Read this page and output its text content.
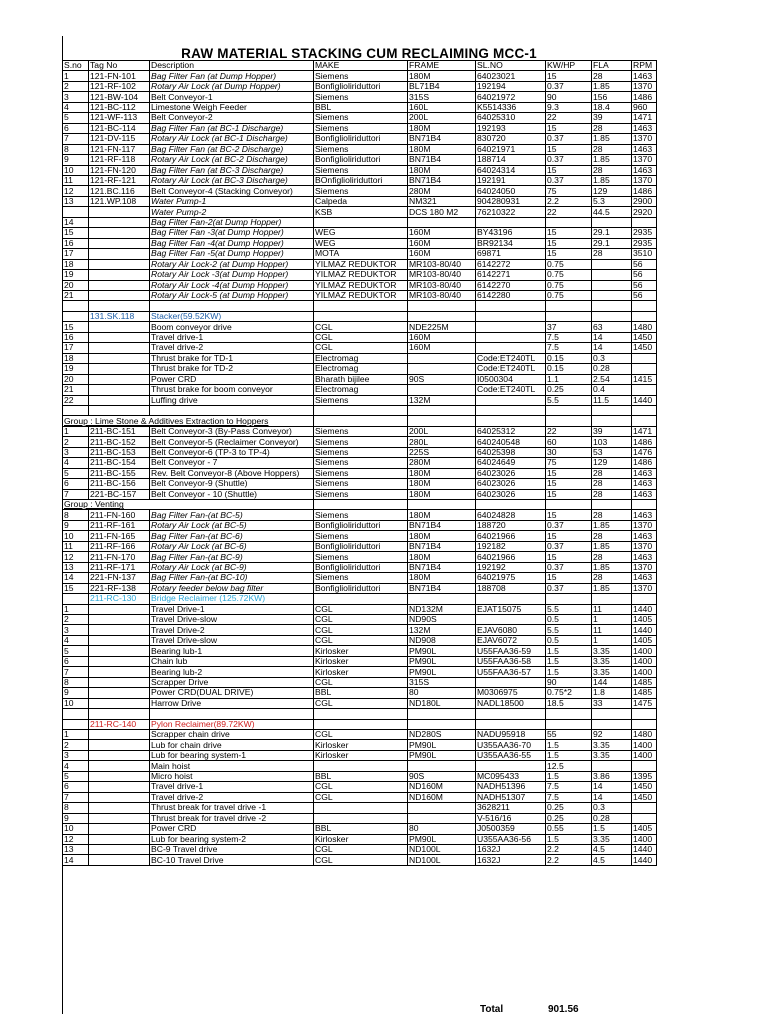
RAW MATERIAL STACKING CUM RECLAIMING MCC-1
S.no	Tag No	Description	MAKE	FRAME	SL.NO	KW/HP	FLA	RPM
1	121-FN-101	Bag Filter Fan (at Dump Hopper)	Siemens	180M	64023021	15	28	1463
2	121-RF-102	Rotary Air Lock (at Dump Hopper)	Bonfiglioliriduttori	BL71B4	192194	0.37	1.85	1370
3	121-BW-104	Belt Conveyor-1	Siemens	315S	64021972	90	156	1486
4	121-BC-112	Limestone Weigh Feeder	BBL	160L	K5514336	9.3	18.4	960
5	121-WF-113	Belt Conveyor-2	Siemens	200L	64025310	22	39	1471
6	121-BC-114	Bag Filter Fan (at BC-1 Discharge)	Siemens	180M	192193	15	28	1463
7	121-DV-115	Rotary Air Lock (at BC-1 Discharge)	Bonfiglioliriduttori	BN71B4	830720	0.37	1.85	1370
8	121-FN-117	Bag Filter Fan (at BC-2 Discharge)	Siemens	180M	64021971	15	28	1463
9	121-RF-118	Rotary Air Lock (at BC-2 Discharge)	Bonfiglioliriduttori	BN71B4	188714	0.37	1.85	1370
10	121-FN-120	Bag Filter Fan (at BC-3 Discharge)	Siemens	180M	64024314	15	28	1463
11	121-RF-121	Rotary Air Lock (at BC-3 Discharge)	BOnfiglioliriduttori	BN71B4	192191	0.37	1.85	1370
12	121.BC.116	Belt Conveyor-4 (Stacking Conveyor)	Siemens	280M	64024050	75	129	1486
13	121.WP.108	Water Pump-1	Calpeda	NM321	904280931	2.2	5.3	2900
		Water Pump-2	KSB	DCS 180 M2	76210322	22	44.5	2920
14		Bag Filter Fan-2(at Dump Hopper)						
15		Bag Filter Fan -3(at Dump Hopper)	WEG	160M	BY43196	15	29.1	2935
16		Bag Filter Fan -4(at Dump Hopper)	WEG	160M	BR92134	15	29.1	2935
17		Bag Filter Fan -5(at Dump Hopper)	MOTA	160M	69871	15	28	3510
18		Rotary Air Lock-2 (at Dump Hopper)	YILMAZ REDUKTOR	MR103-80/40	6142272	0.75		56
19		Rotary Air Lock -3(at Dump Hopper)	YILMAZ REDUKTOR	MR103-80/40	6142271	0.75		56
20		Rotary Air Lock -4(at Dump Hopper)	YILMAZ REDUKTOR	MR103-80/40	6142270	0.75		56
21		Rotary Air Lock-5 (at Dump Hopper)	YILMAZ REDUKTOR	MR103-80/40	6142280	0.75		56

	131.SK.118	Stacker(59.52KW)						
15		Boom conveyor drive	CGL	NDE225M		37	63	1480
16		Travel drive-1	CGL	160M		7.5	14	1450
17		Travel drive-2	CGL	160M		7.5	14	1450
18		Thrust brake for TD-1	Electromag		Code:ET240TL	0.15	0.3	
19		Thrust brake for TD-2	Electromag		Code:ET240TL	0.15	0.28	
20		Power CRD	Bharath bijilee	90S	I0500304	1.1	2.54	1415
21		Thrust brake for boom conveyor	Electromag		Code:ET240TL	0.25	0.4	
22		Luffing drive	Siemens	132M		5.5	11.5	1440

Group : Lime Stone & Additives Extraction to Hoppers								
1	211-BC-151	Belt Conveyor-3 (By-Pass Conveyor)	Siemens	200L	64025312	22	39	1471
2	211-BC-152	Belt Conveyor-5 (Reclaimer Conveyor)	Siemens	280L	640240548	60	103	1486
3	211-BC-153	Belt Conveyor-6 (TP-3 to TP-4)	Siemens	225S	64025398	30	53	1476
4	211-BC-154	Belt Conveyor - 7	Siemens	280M	64024649	75	129	1486
5	211-BC-155	Rev. Belt Conveyor-8 (Above Hoppers)	Siemens	180M	64023026	15	28	1463
6	211-BC-156	Belt Conveyor-9 (Shuttle)	Siemens	180M	64023026	15	28	1463
7	221-BC-157	Belt Conveyor - 10 (Shuttle)	Siemens	180M	64023026	15	28	1463
Group : Venting								
8	211-FN-160	Bag Filter Fan-(at BC-5)	Siemens	180M	64024828	15	28	1463
9	211-RF-161	Rotary Air Lock (at BC-5)	Bonfiglioliriduttori	BN71B4	188720	0.37	1.85	1370
10	211-FN-165	Bag Filter Fan-(at BC-6)	Siemens	180M	64021966	15	28	1463
11	211-RF-166	Rotary Air Lock (at BC-6)	Bonfiglioliriduttori	BN71B4	192182	0.37	1.85	1370
12	211-FN-170	Bag Filter Fan-(at BC-9)	Siemens	180M	64021966	15	28	1463
13	211-RF-171	Rotary Air Lock (at BC-9)	Bonfiglioliriduttori	BN71B4	192192	0.37	1.85	1370
14	221-FN-137	Bag Filter Fan-(at BC-10)	Siemens	180M	64021975	15	28	1463
15	221-RF-138	Rotary feeder below bag filter	Bonfiglioliriduttori	BN71B4	188708	0.37	1.85	1370
	211-RC-130	Bridge Reclaimer (125.72KW)						
1		Travel Drive-1	CGL	ND132M	EJAT15075	5.5	11	1440
2		Travel Drive-slow	CGL	ND90S		0.5	1	1405
3		Travel Drive-2	CGL	132M	EJAV6080	5.5	11	1440
4		Travel Drive-slow	CGL	ND908	EJAV6072	0.5	1	1405
5		Bearing lub-1	Kirlosker	PM90L	U55FAA36-59	1.5	3.35	1400
6		Chain lub	Kirlosker	PM90L	U55FAA36-58	1.5	3.35	1400
7		Bearing lub-2	Kirlosker	PM90L	U55FAA36-57	1.5	3.35	1400
8		Scrapper Drive	CGL	315S		90	144	1485
9		Power CRD(DUAL DRIVE)	BBL	80	M0306975	0.75*2	1.8	1485
10		Harrow Drive	CGL	ND180L	NADL18500	18.5	33	1475

	211-RC-140	Pylon Reclaimer(89.72KW)						
1		Scrapper chain drive	CGL	ND280S	NADU95918	55	92	1480
2		Lub for chain drive	Kirlosker	PM90L	U355AA36-70	1.5	3.35	1400
3		Lub for bearing system-1	Kirlosker	PM90L	U355AA36-55	1.5	3.35	1400
4		Main hoist				12.5		
5		Micro hoist	BBL	90S	MC095433	1.5	3.86	1395
6		Travel drive-1	CGL	ND160M	NADH51396	7.5	14	1450
7		Travel drive-2	CGL	ND160M	NADH51307	7.5	14	1450
8		Thrust break for travel drive -1			3628211	0.25	0.3	
9		Thrust break for travel drive -2			V-516/16	0.25	0.28	
10		Power CRD	BBL	80	J0500359	0.55	1.5	1405
12		Lub for bearing system-2	Kirlosker	PM90L	U355AA36-56	1.5	3.35	1400
13		BC-9 Travel drive	CGL	ND100L	1632J	2.2	4.5	1440
14		BC-10 Travel Drive	CGL	ND100L	1632J	2.2	4.5	1440
Total	901.56
